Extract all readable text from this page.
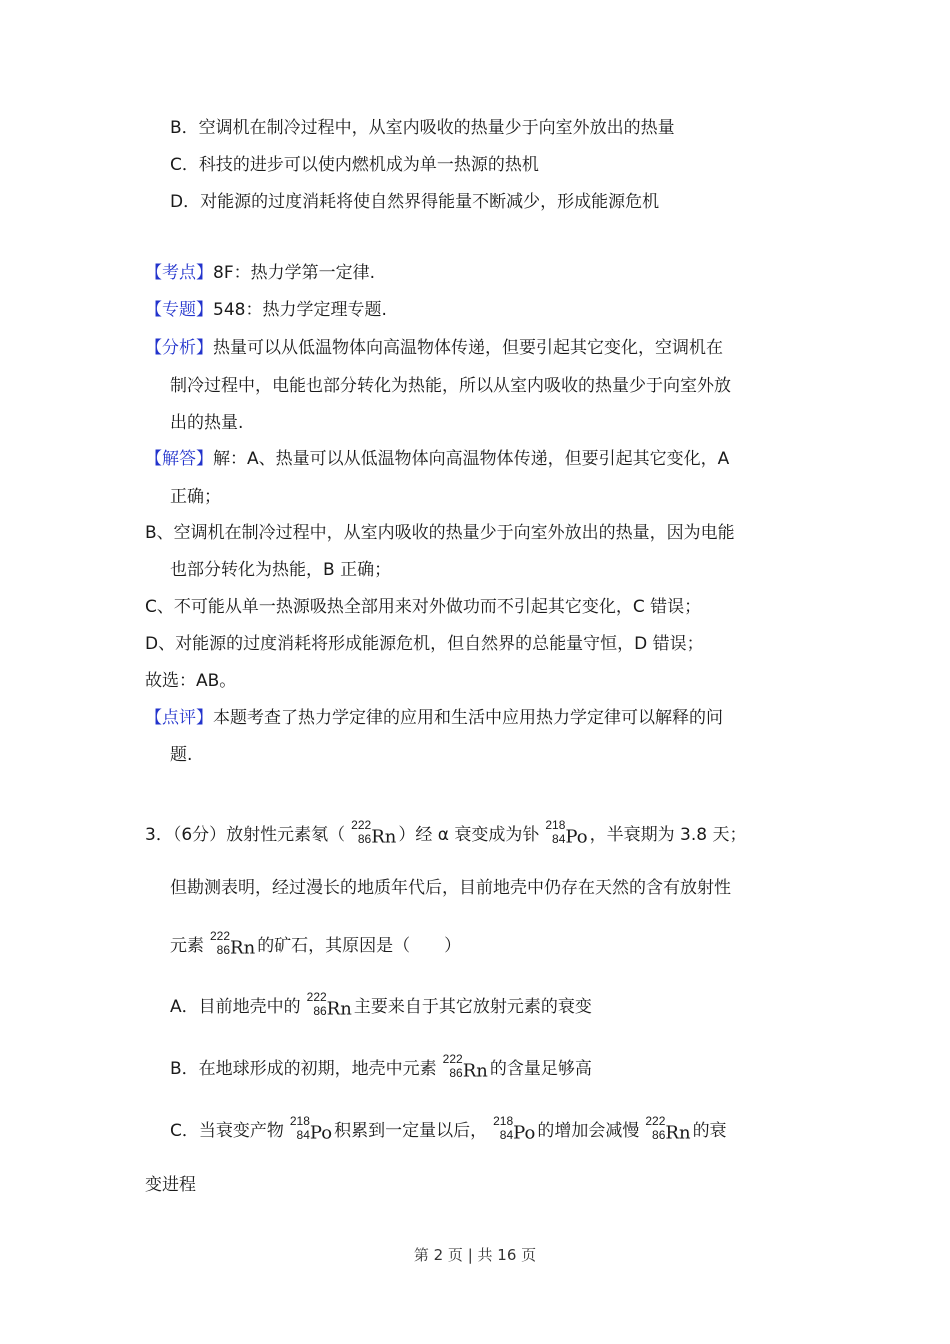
B．空调机在制冷过程中，从室内吸收的热量少于向室外放出的热量
C．科技的进步可以使内燃机成为单一热源的热机
D．对能源的过度消耗将使自然界得能量不断减少，形成能源危机
【考点】8F：热力学第一定律.
【专题】548：热力学定理专题.
【分析】热量可以从低温物体向高温物体传递，但要引起其它变化，空调机在
制冷过程中，电能也部分转化为热能，所以从室内吸收的热量少于向室外放
出的热量.
【解答】解：A、热量可以从低温物体向高温物体传递，但要引起其它变化，A
正确；
B、空调机在制冷过程中，从室内吸收的热量少于向室外放出的热量，因为电能
也部分转化为热能，B 正确；
C、不可能从单一热源吸热全部用来对外做功而不引起其它变化，C 错误；
D、对能源的过度消耗将形成能源危机，但自然界的总能量守恒，D 错误；
故选：AB。
【点评】本题考查了热力学定律的应用和生活中应用热力学定律可以解释的问
题.
3．（6分）放射性元素氡（ 222
86 Rn ）经 α 衰变成为钋 218
84 Po ，半衰期为 3.8 天；
但勘测表明，经过漫长的地质年代后，目前地壳中仍存在天然的含有放射性
元素 222
86 Rn 的矿石，其原因是（　　）
A．目前地壳中的 222
86 Rn 主要来自于其它放射元素的衰变
B．在地球形成的初期，地壳中元素 222
86 Rn 的含量足够高
C．当衰变产物 218
84 Po 积累到一定量以后， 218
84 Po 的增加会减慢 222
86 Rn 的衰
变进程
第 2 页 | 共 16 页
